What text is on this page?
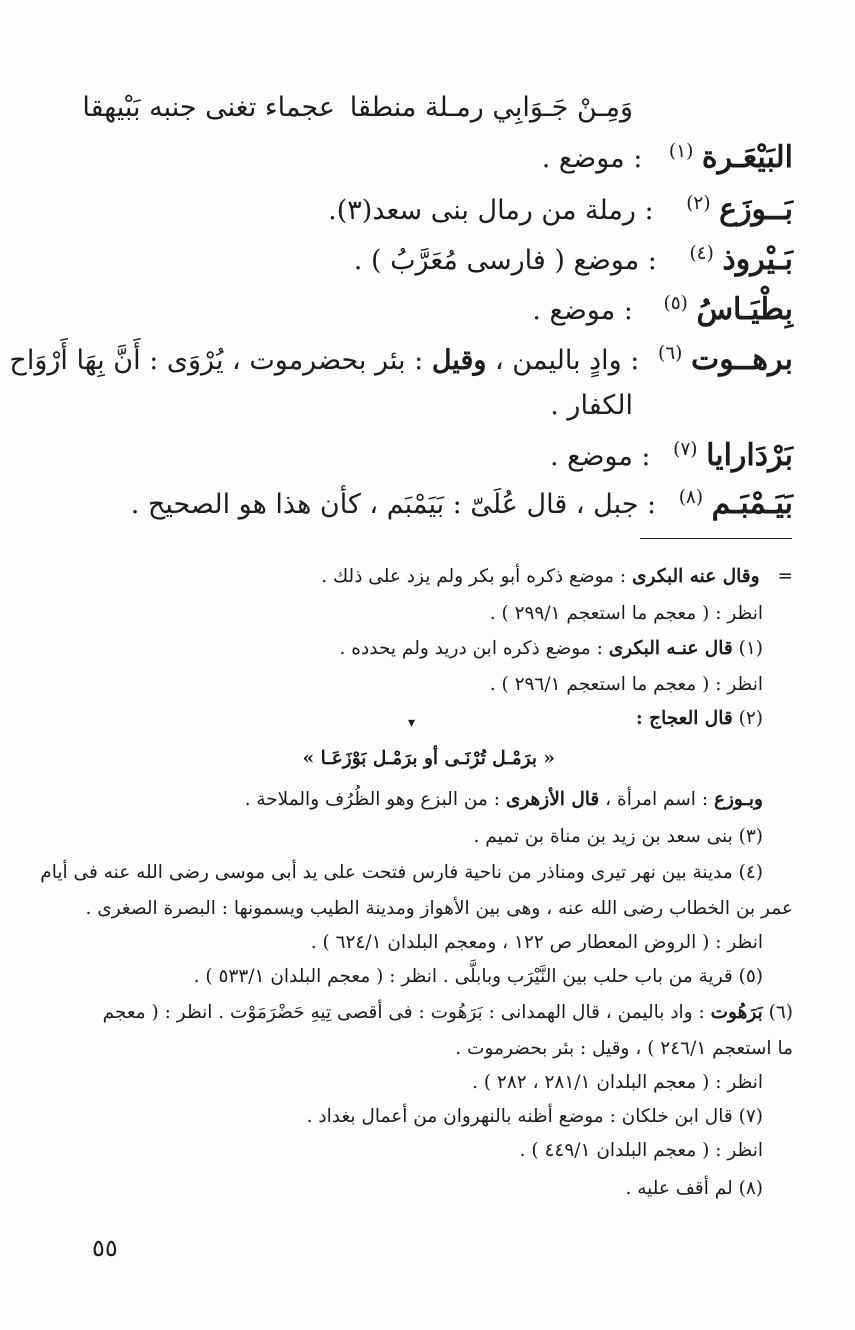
وَمِـنْ جَـوَابِي رمـلة منطقا
عجماء تغنى جنبه بَبْيهقا
البَيْعَـرة $^{(١)}$ : موضع .
بَــوزَع $^{(٢)}$ : رملة من رمال بنى سعد(٣).
بَـيْروذ $^{(٤)}$ : موضع ( فارسى مُعَرَّبُ ) .
بِطْيَـاسُ $^{(٥)}$ : موضع .
برهــوت $^{(٦)}$ : وادٍ باليمن ، وقيل : بئر بحضرموت ، يُرْوَى : أَنَّ بِهَا أَرْوَاح
الكفار .
بَرْدَارايا $^{(٧)}$ : موضع .
بَيَـمْبَـم $^{(٨)}$ : جبل ، قال عُلَىّ : بَيَمْبَم ، كأن هذا هو الصحيح .
= وقال عنه البكرى : موضع ذكره أبو بكر ولم يزد على ذلك .
انظر : ( معجم ما استعجم ٢٩٩/١ ) .
(١) قال عنـه البكرى : موضع ذكره ابن دريد ولم يحدده .
انظر : ( معجم ما استعجم ٢٩٦/١ ) .
(٢) قال العجاج :
▾
« برَمْـل تُرْنَـى أو برَمْـل بَوْزَعَـا »
وبـوزع : اسم امرأة ، قال الأزهرى : من البزع وهو الظُرُف والملاحة .
(٣) بنى سعد بن زيد بن مناة بن تميم .
(٤) مدينة بين نهر تيرى ومناذر من ناحية فارس فتحت على يد أبى موسى رضى الله عنه فى أيام
عمر بن الخطاب رضى الله عنه ، وهى بين الأهواز ومدينة الطيب ويسمونها : البصرة الصغرى .
انظر : ( الروض المعطار ص ١٢٢ ، ومعجم البلدان ٦٢٤/١ ) .
(٥) قرية من باب حلب بين النَّيْرَب وبابلَّى . انظر : ( معجم البلدان ٥٣٣/١ ) .
(٦) بَرَهُوت : واد باليمن ، قال الهمدانى : بَرَهُوت : فى أقصى تِيهِ حَضْرَمَوْت . انظر : ( معجم
ما استعجم ٢٤٦/١ ) ، وقيل : بئر بحضرموت .
انظر : ( معجم البلدان ٢٨١/١ ، ٢٨٢ ) .
(٧) قال ابن خلكان : موضع أظنه بالنهروان من أعمال بغداد .
انظر : ( معجم البلدان ٤٤٩/١ ) .
(٨) لم أقف عليه .
٥٥
